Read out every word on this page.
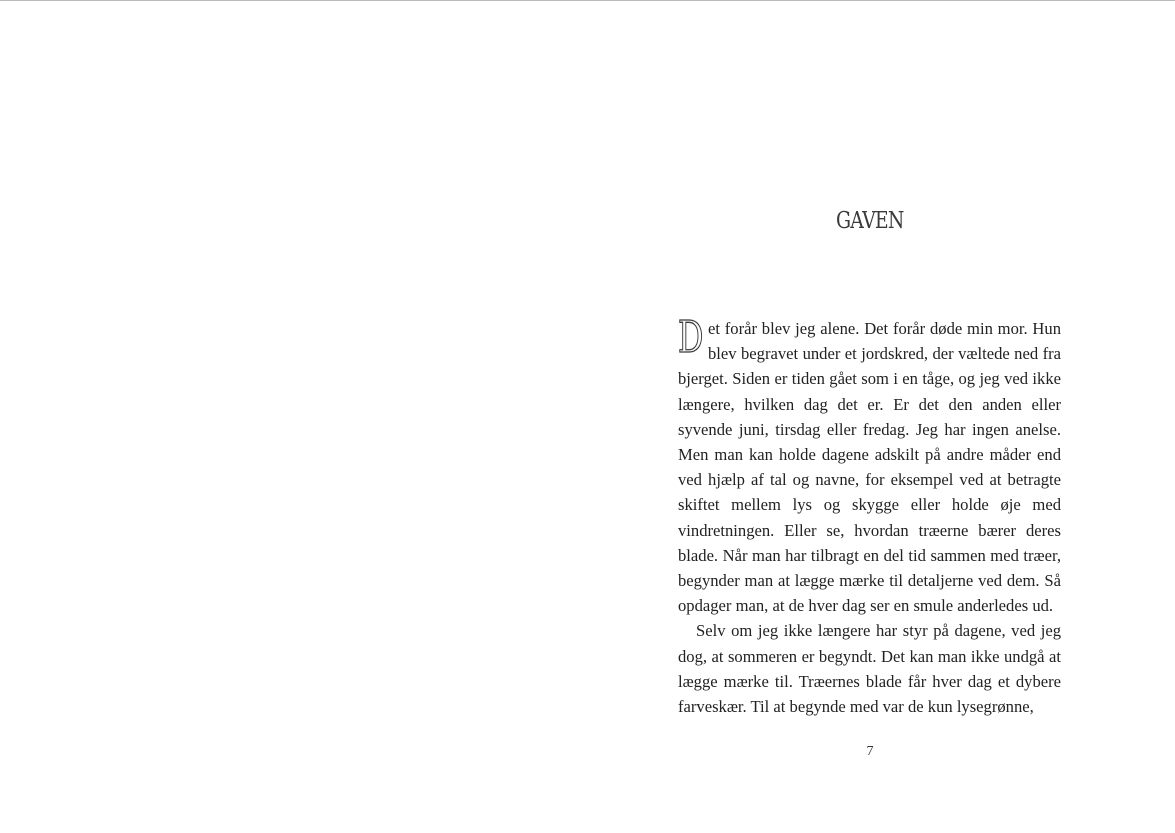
GAVEN

Det forår blev jeg alene. Det forår døde min mor. Hun blev begravet under et jordskred, der væltede ned fra bjerget. Siden er tiden gået som i en tåge, og jeg ved ikke længere, hvilken dag det er. Er det den anden eller syvende juni, tirsdag eller fredag. Jeg har ingen anelse. Men man kan holde dagene adskilt på andre måder end ved hjælp af tal og navne, for eksempel ved at betragte skiftet mellem lys og skygge eller holde øje med vindretningen. Eller se, hvordan træerne bærer deres blade. Når man har tilbragt en del tid sammen med træer, begynder man at lægge mærke til detaljerne ved dem. Så opdager man, at de hver dag ser en smule anderledes ud.

Selv om jeg ikke længere har styr på dagene, ved jeg dog, at sommeren er begyndt. Det kan man ikke undgå at lægge mærke til. Træernes blade får hver dag et dybere farveskær. Til at begynde med var de kun lysegrønne,

7
